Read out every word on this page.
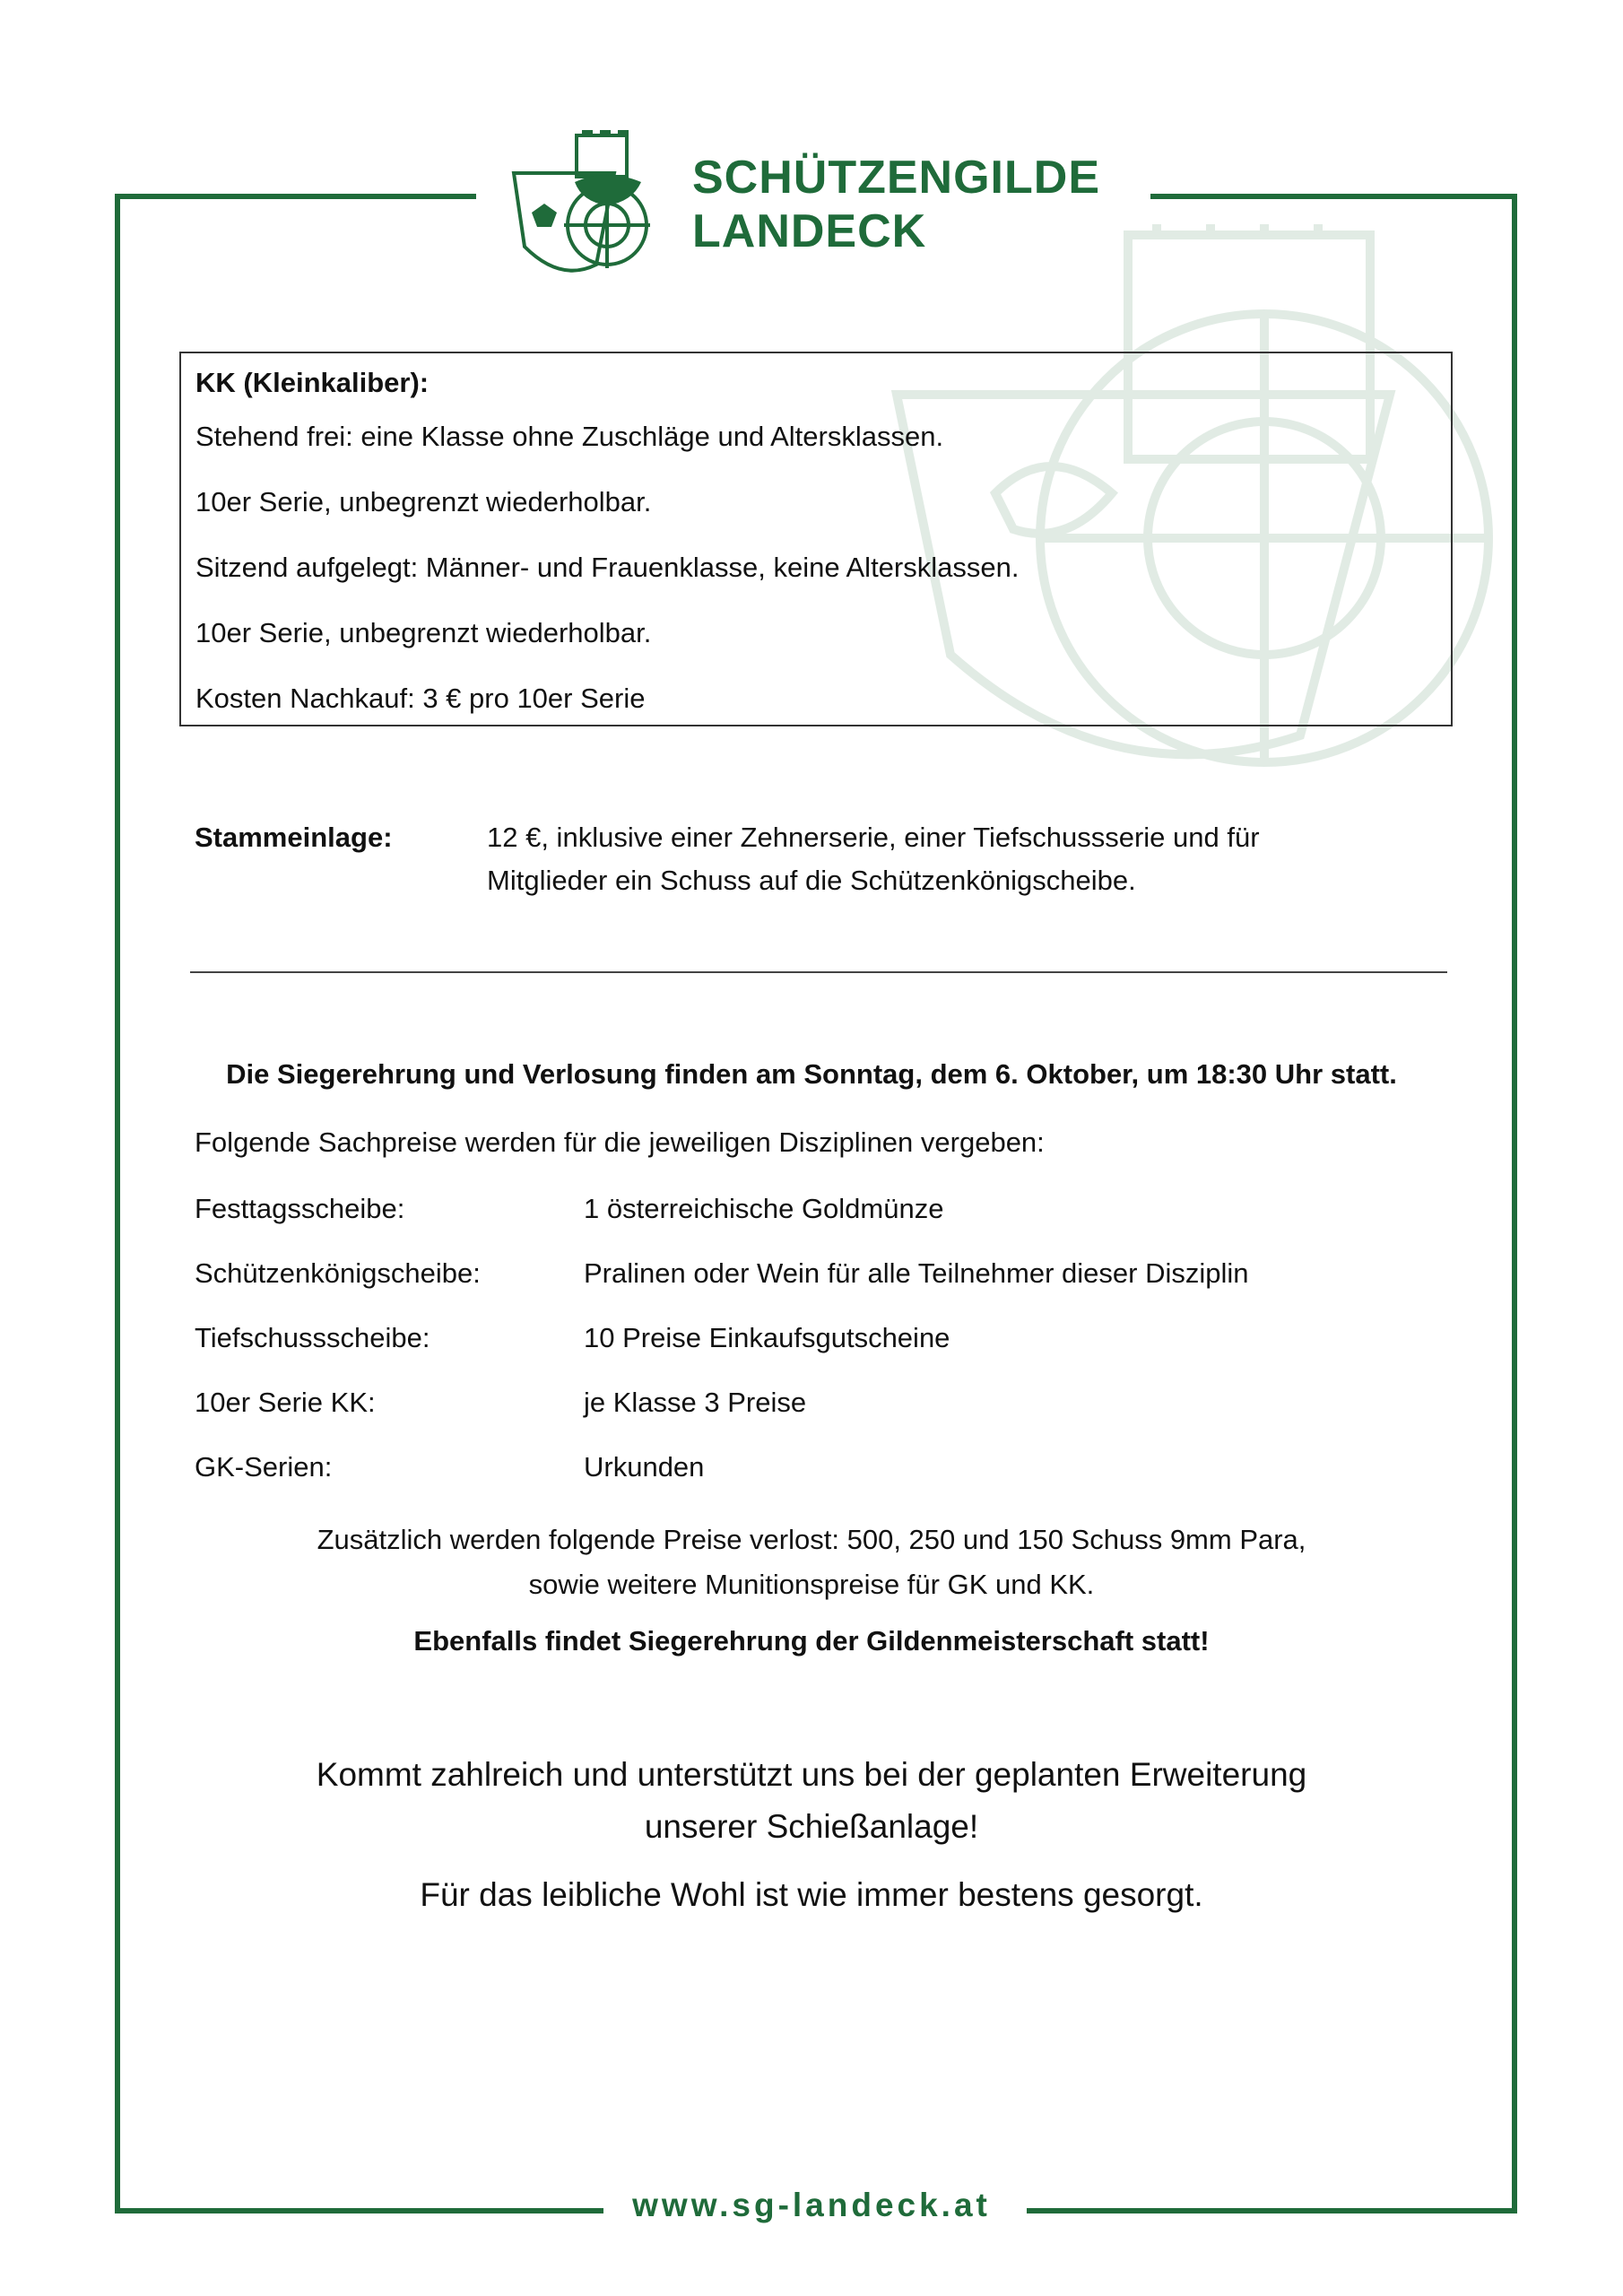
SCHÜTZENGILDE
LANDECK

KK (Kleinkaliber):

Stehend frei: eine Klasse ohne Zuschläge und Altersklassen.

10er Serie, unbegrenzt wiederholbar.

Sitzend aufgelegt: Männer- und Frauenklasse, keine Altersklassen.

10er Serie, unbegrenzt wiederholbar.

Kosten Nachkauf: 3 € pro 10er Serie

Stammeinlage:	12 €, inklusive einer Zehnerserie, einer Tiefschussserie und für
Mitglieder ein Schuss auf die Schützenkönigscheibe.
Die Siegerehrung und Verlosung finden am Sonntag, dem 6. Oktober, um 18:30 Uhr statt.
Folgende Sachpreise werden für die jeweiligen Disziplinen vergeben:
Festtagsscheibe:	1 österreichische Goldmünze
Schützenkönigscheibe:	Pralinen oder Wein für alle Teilnehmer dieser Disziplin
Tiefschussscheibe:	10 Preise Einkaufsgutscheine
10er Serie KK:	je Klasse 3 Preise
GK-Serien:	Urkunden
Zusätzlich werden folgende Preise verlost: 500, 250 und 150 Schuss 9mm Para,
sowie weitere Munitionspreise für GK und KK.
Ebenfalls findet Siegerehrung der Gildenmeisterschaft statt!
Kommt zahlreich und unterstützt uns bei der geplanten Erweiterung
unserer Schießanlage!
Für das leibliche Wohl ist wie immer bestens gesorgt.
www.sg-landeck.at
